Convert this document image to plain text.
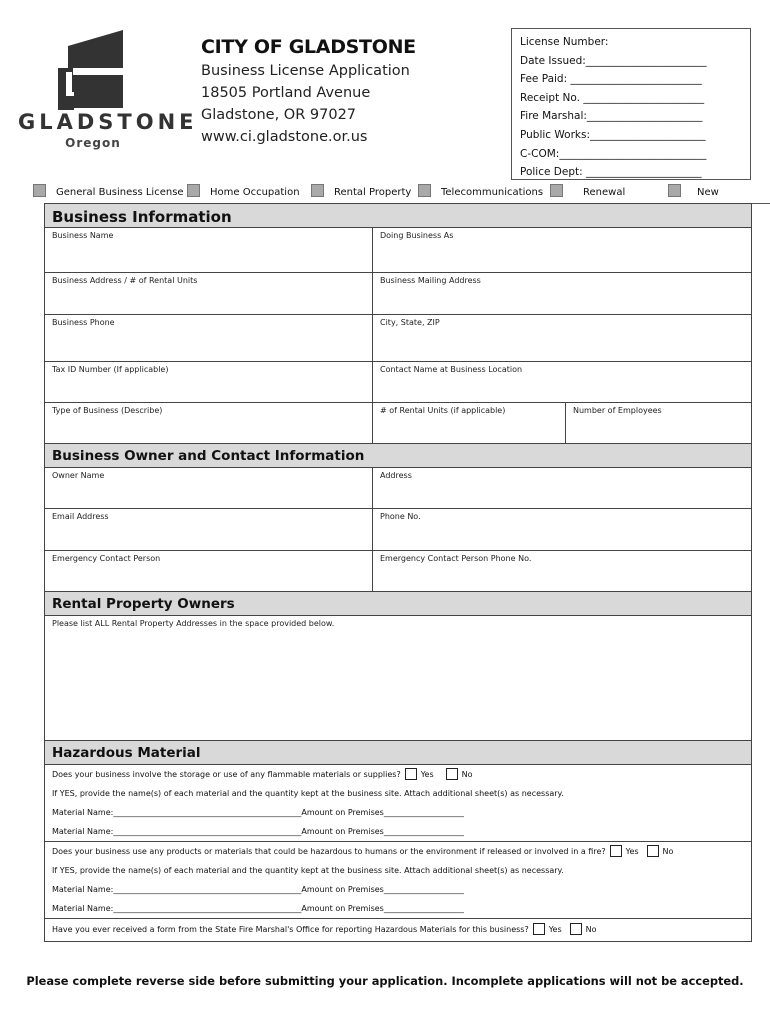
GLADSTONE
Oregon
CITY OF GLADSTONE
Business License Application
18505 Portland Avenue
Gladstone, OR 97027
www.ci.gladstone.or.us
License Number:
Date Issued:_______________________
Fee Paid: _________________________
Receipt No. _______________________
Fire Marshal:______________________
Public Works:______________________
C-COM:____________________________
Police Dept: ______________________
General Business License	Home Occupation	Rental Property	Telecommunications	Renewal	New
Business Information
Business Name	Doing Business As
Business Address / # of Rental Units	Business Mailing Address
Business Phone	City, State, ZIP
Tax ID Number (If applicable)	Contact Name at Business Location
Type of Business (Describe)	# of Rental Units (if applicable)	Number of Employees
Business Owner and Contact Information
Owner Name	Address
Email Address	Phone No.
Emergency Contact Person	Emergency Contact Person Phone No.
Rental Property Owners
Please list ALL Rental Property Addresses in the space provided below.
Hazardous Material
Does your business involve the storage or use of any flammable materials or supplies?	Yes	No
If YES, provide the name(s) of each material and the quantity kept at the business site. Attach additional sheet(s) as necessary.
Material Name:_______________________________________________Amount on Premises____________________
Material Name:_______________________________________________Amount on Premises____________________
Does your business use any products or materials that could be hazardous to humans or the environment if released or involved in a fire?	Yes	No
If YES, provide the name(s) of each material and the quantity kept at the business site. Attach additional sheet(s) as necessary.
Material Name:_______________________________________________Amount on Premises____________________
Material Name:_______________________________________________Amount on Premises____________________
Have you ever received a form from the State Fire Marshal's Office for reporting Hazardous Materials for this business?	Yes	No
Please complete reverse side before submitting your application. Incomplete applications will not be accepted.
